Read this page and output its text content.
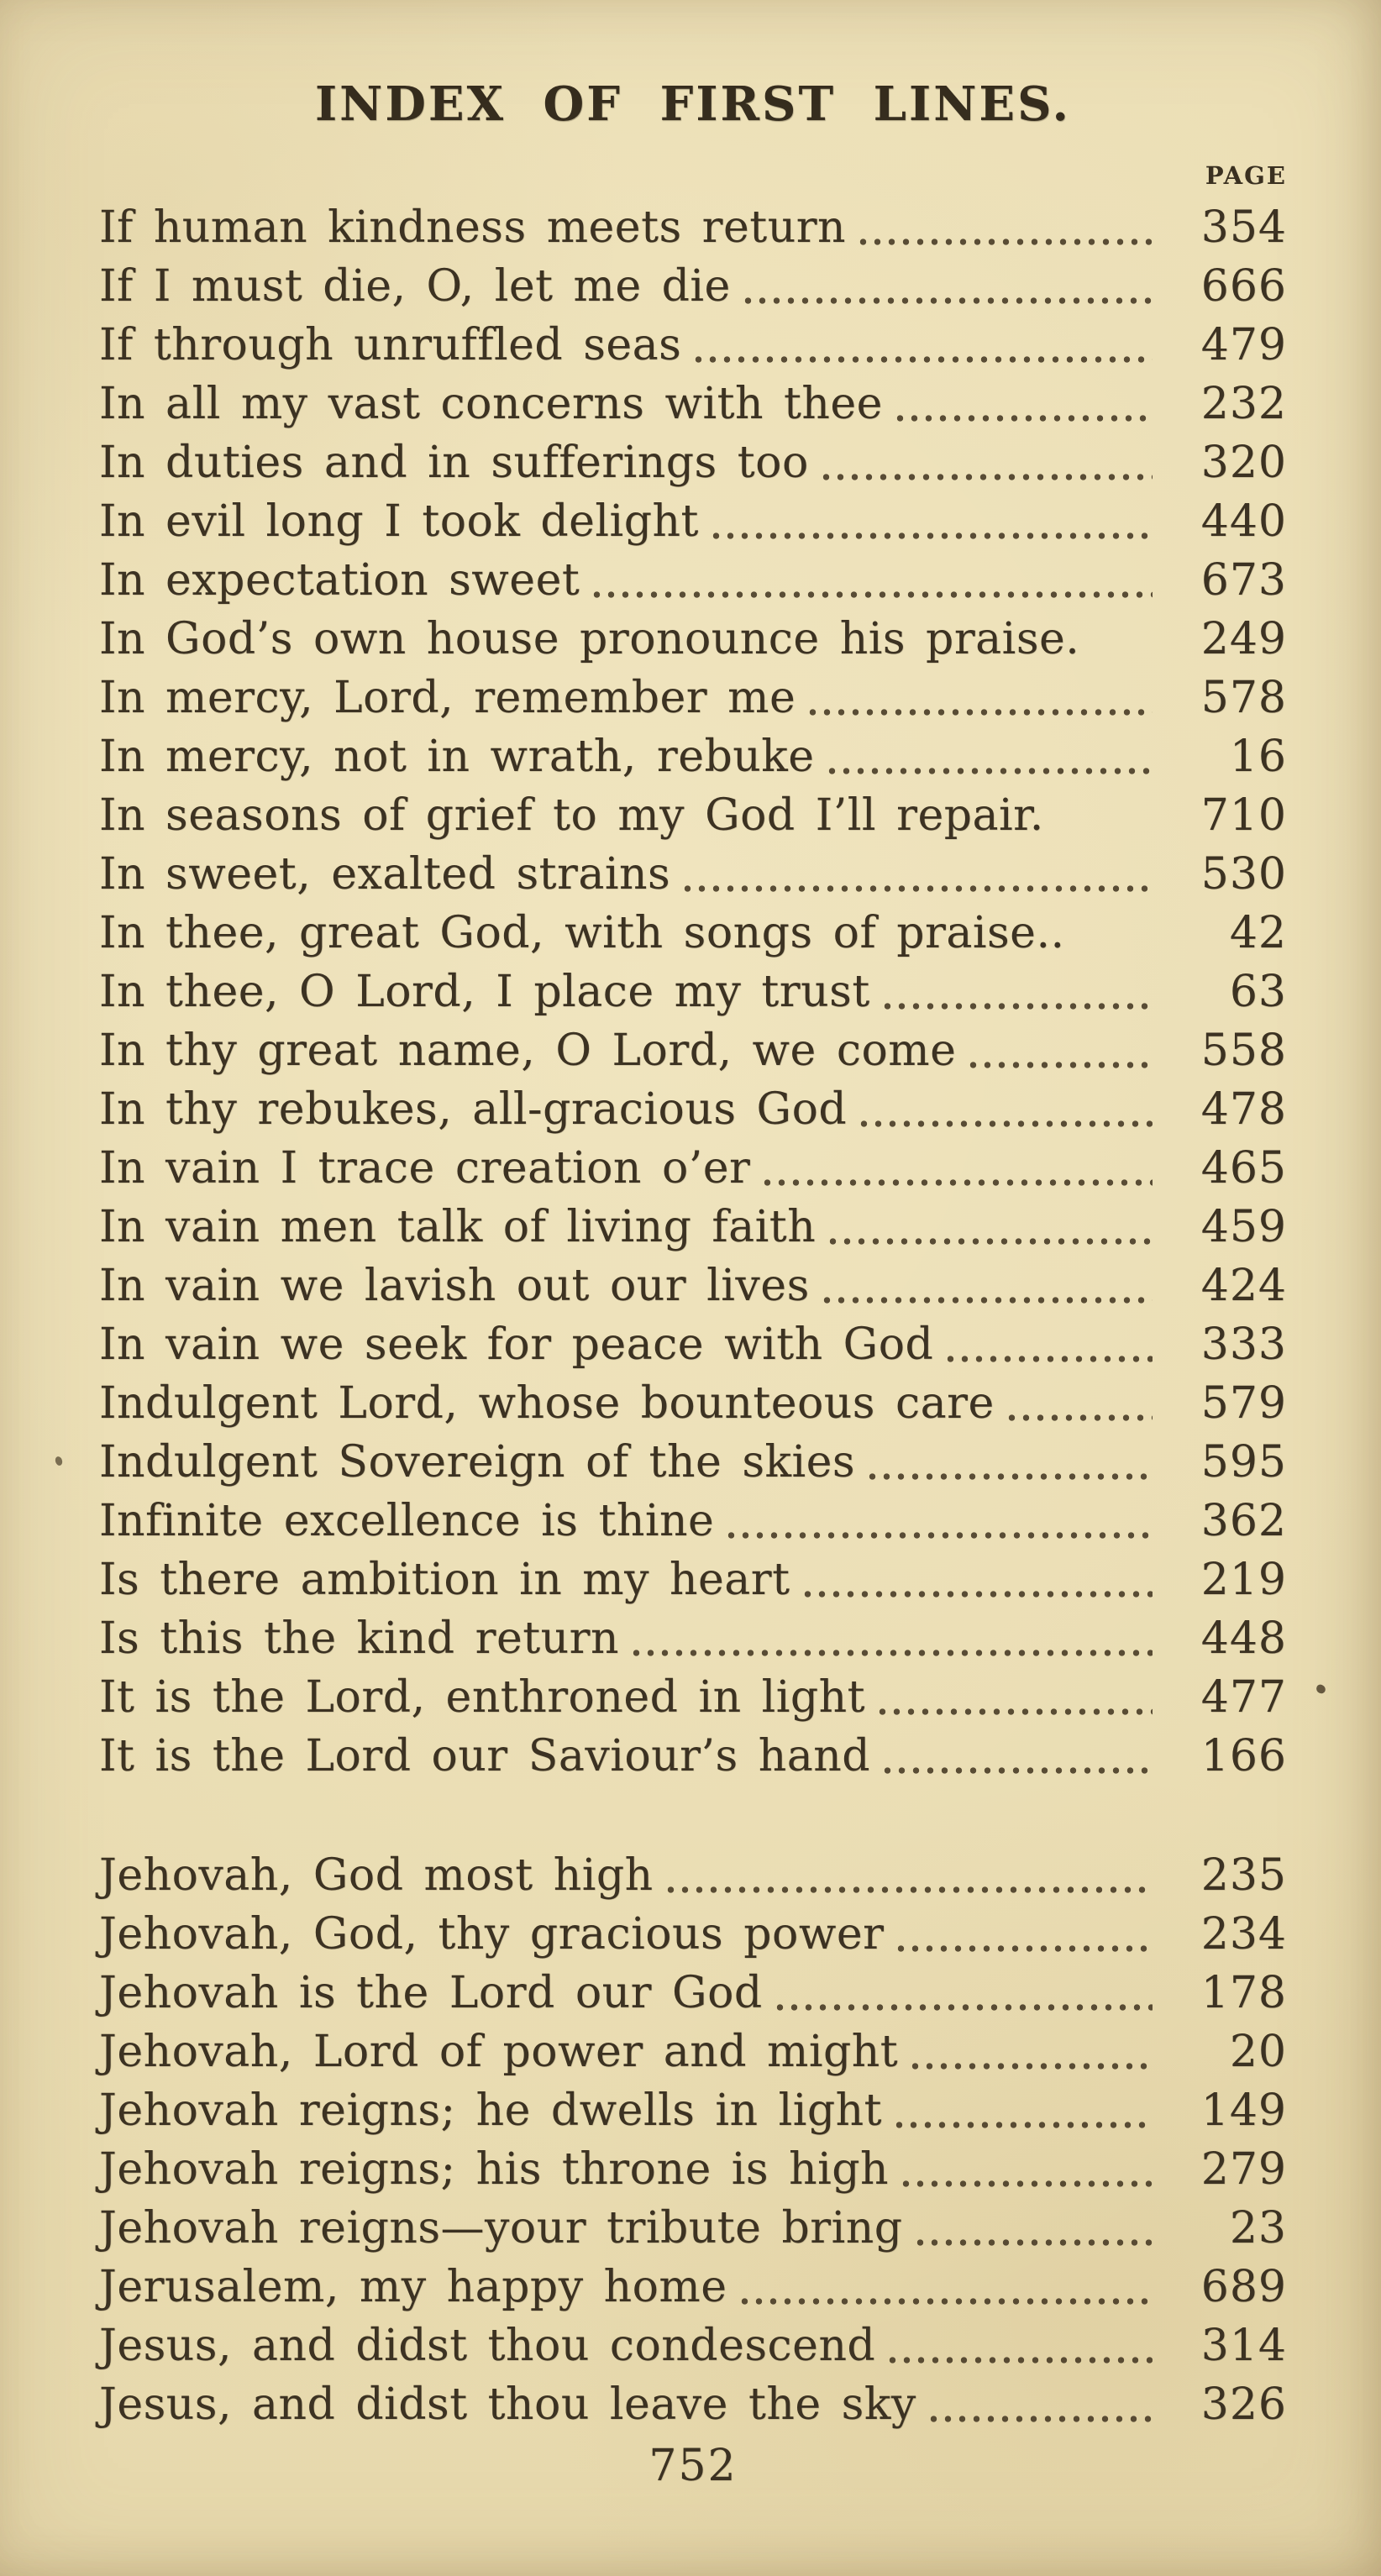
INDEX OF FIRST LINES.
PAGE
If human kindness meets return	354
If I must die, O, let me die	666
If through unruffled seas	479
In all my vast concerns with thee	232
In duties and in sufferings too	320
In evil long I took delight	440
In expectation sweet	673
In God’s own house pronounce his praise.	249
In mercy, Lord, remember me	578
In mercy, not in wrath, rebuke	16
In seasons of grief to my God I’ll repair.	710
In sweet, exalted strains	530
In thee, great God, with songs of praise..	42
In thee, O Lord, I place my trust	63
In thy great name, O Lord, we come	558
In thy rebukes, all-gracious God	478
In vain I trace creation o’er	465
In vain men talk of living faith	459
In vain we lavish out our lives	424
In vain we seek for peace with God	333
Indulgent Lord, whose bounteous care	579
Indulgent Sovereign of the skies	595
Infinite excellence is thine	362
Is there ambition in my heart	219
Is this the kind return	448
It is the Lord, enthroned in light	477
It is the Lord our Saviour’s hand	166
Jehovah, God most high	235
Jehovah, God, thy gracious power	234
Jehovah is the Lord our God	178
Jehovah, Lord of power and might	20
Jehovah reigns; he dwells in light	149
Jehovah reigns; his throne is high	279
Jehovah reigns—your tribute bring	23
Jerusalem, my happy home	689
Jesus, and didst thou condescend	314
Jesus, and didst thou leave the sky	326
752
